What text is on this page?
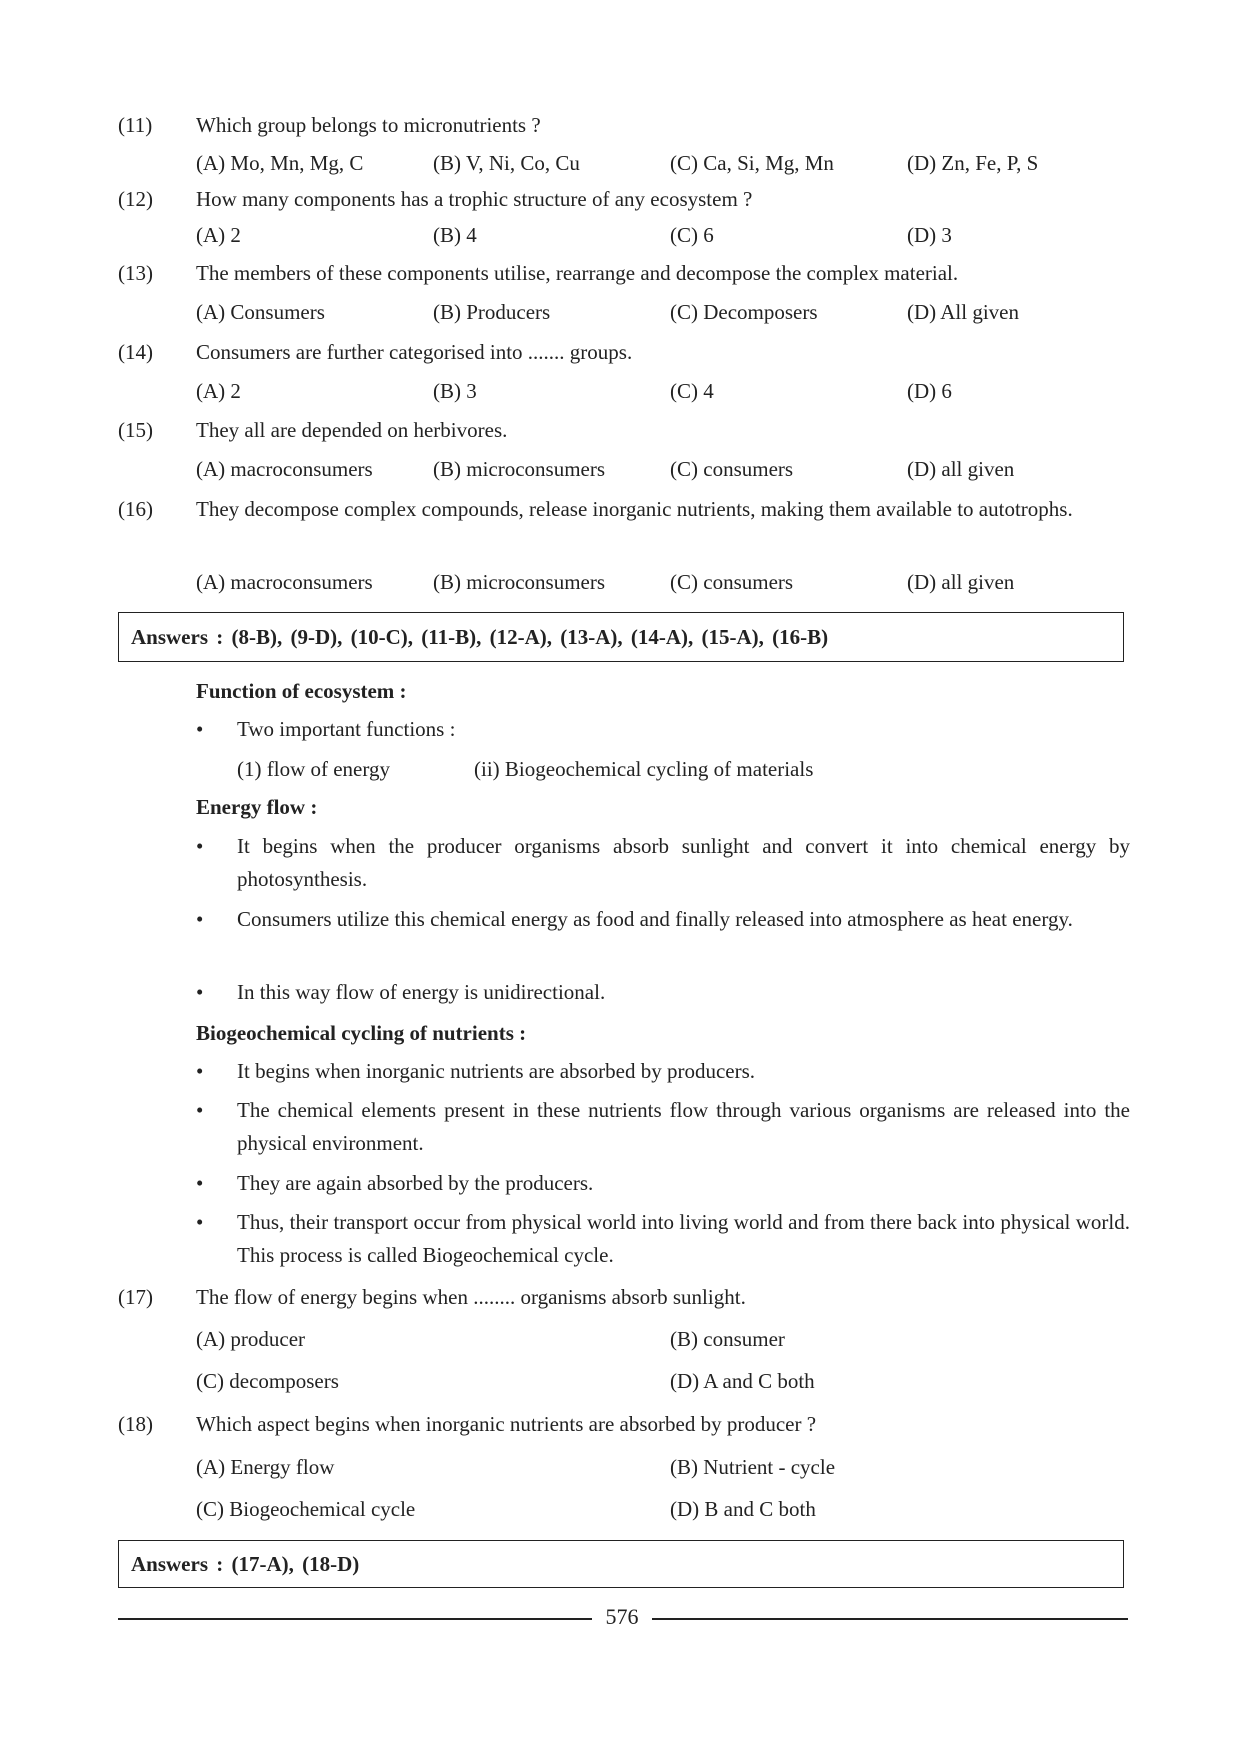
(11) Which group belongs to micronutrients ?
(A) Mo, Mn, Mg, C	(B) V, Ni, Co, Cu	(C) Ca, Si, Mg, Mn	(D) Zn, Fe, P, S
(12) How many components has a trophic structure of any ecosystem ?
(A) 2	(B) 4	(C) 6	(D) 3
(13) The members of these components utilise, rearrange and decompose the complex material.
(A) Consumers	(B) Producers	(C) Decomposers	(D) All given
(14) Consumers are further categorised into ....... groups.
(A) 2	(B) 3	(C) 4	(D) 6
(15) They all are depended on herbivores.
(A) macroconsumers	(B) microconsumers	(C) consumers	(D) all given
(16) They decompose complex compounds, release inorganic nutrients, making them available to autotrophs.
(A) macroconsumers	(B) microconsumers	(C) consumers	(D) all given
Answers : (8-B), (9-D), (10-C), (11-B), (12-A), (13-A), (14-A), (15-A), (16-B)
Function of ecosystem :
• Two important functions :
(1) flow of energy	(ii) Biogeochemical cycling of materials
Energy flow :
• It begins when the producer organisms absorb sunlight and convert it into chemical energy by photosynthesis.
• Consumers utilize this chemical energy as food and finally released into atmosphere as heat energy.
• In this way flow of energy is unidirectional.
Biogeochemical cycling of nutrients :
• It begins when inorganic nutrients are absorbed by producers.
• The chemical elements present in these nutrients flow through various organisms are released into the physical environment.
• They are again absorbed by the producers.
• Thus, their transport occur from physical world into living world and from there back into physical world. This process is called Biogeochemical cycle.
(17) The flow of energy begins when ........ organisms absorb sunlight.
(A) producer	(B) consumer
(C) decomposers	(D) A and C both
(18) Which aspect begins when inorganic nutrients are absorbed by producer ?
(A) Energy flow	(B) Nutrient - cycle
(C) Biogeochemical cycle	(D) B and C both
Answers : (17-A), (18-D)
576
